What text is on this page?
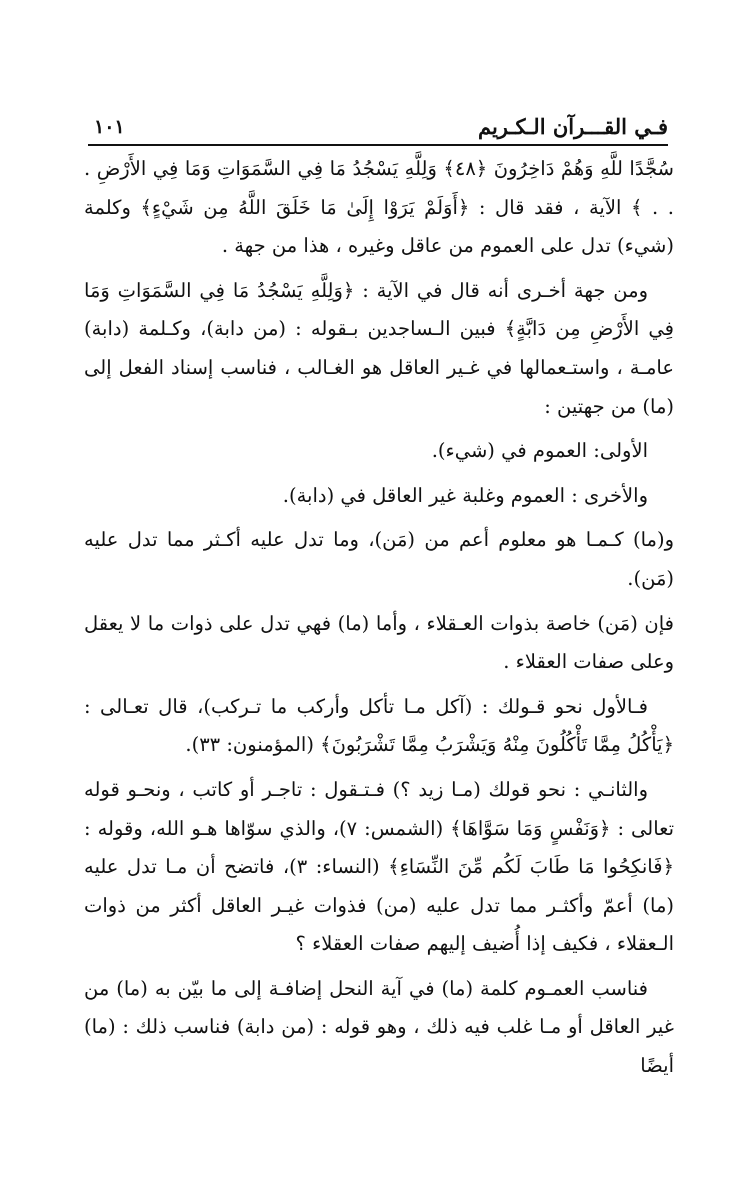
فـي القـــرآن الـكـريم
١٠١

سُجَّدًا للَّهِ وَهُمْ دَاخِرُونَ ﴿٤٨﴾ وَلِلَّهِ يَسْجُدُ مَا فِي السَّمَوَاتِ وَمَا فِي الأَرْضِ . . . ﴾ الآية ، فقد قال : ﴿أَوَلَمْ يَرَوْا إِلَىٰ مَا خَلَقَ اللَّهُ مِن شَيْءٍ﴾ وكلمة (شيء) تدل على العموم من عاقل وغيره ، هذا من جهة .

ومن جهة أخـرى أنه قال في الآية : ﴿وَلِلَّهِ يَسْجُدُ مَا فِي السَّمَوَاتِ وَمَا فِي الأَرْضِ مِن دَابَّةٍ﴾ فبين الـساجدين بـقوله : (من دابة)، وكـلمة (دابة) عامـة ، واستـعمالها في غـير العاقل هو الغـالب ، فناسب إسناد الفعل إلى (ما) من جهتين :

الأولى: العموم في (شيء).

والأخرى : العموم وغلبة غير العاقل في (دابة).

و(ما) كـمـا هو معلوم أعم من (مَن)، وما تدل عليه أكـثر مما تدل عليه (مَن).

فإن (مَن) خاصة بذوات العـقلاء ، وأما (ما) فهي تدل على ذوات ما لا يعقل وعلى صفات العقلاء .

فـالأول نحو قـولك : (آكل مـا تأكل وأركب ما تـركب)، قال تعـالى : ﴿يَأْكُلُ مِمَّا تَأْكُلُونَ مِنْهُ وَيَشْرَبُ مِمَّا تَشْرَبُونَ﴾ (المؤمنون: ٣٣).

والثانـي : نحو قولك (مـا زيد ؟) فـتـقول : تاجـر أو كاتب ، ونحـو قوله تعالى : ﴿وَنَفْسٍ وَمَا سَوَّاهَا﴾ (الشمس: ٧)، والذي سوّاها هـو الله، وقوله : ﴿فَانكِحُوا مَا طَابَ لَكُم مِّنَ النِّسَاءِ﴾ (النساء: ٣)، فاتضح أن مـا تدل عليه (ما) أعمّ وأكثـر مما تدل عليه (من) فذوات غيـر العاقل أكثر من ذوات الـعقلاء ، فكيف إذا أُضيف إليهم صفات العقلاء ؟

فناسب العمـوم كلمة (ما) في آية النحل إضافـة إلى ما بيّن به (ما) من غير العاقل أو مـا غلب فيه ذلك ، وهو قوله : (من دابة) فناسب ذلك : (ما) أيضًا
